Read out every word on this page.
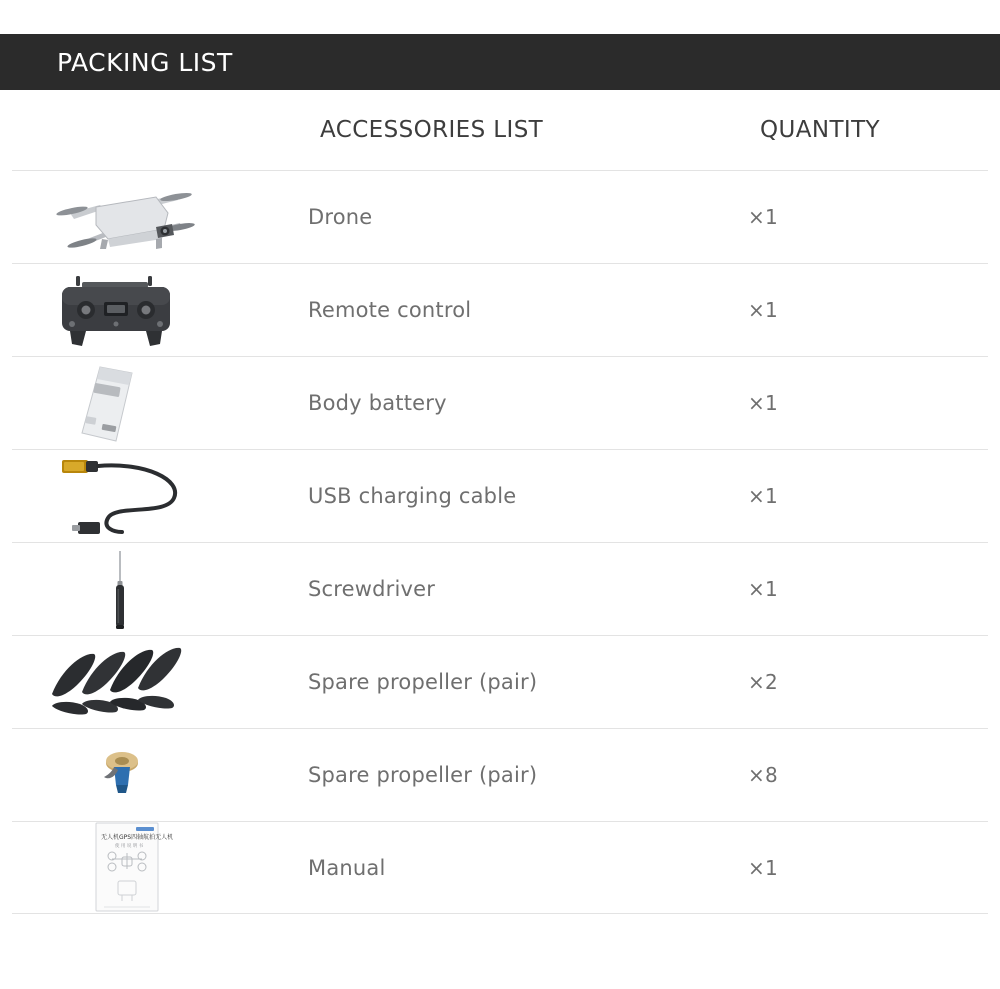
PACKING LIST
ACCESSORIES LIST	QUANTITY
Drone	×1
Remote control	×1
Body battery	×1
USB charging cable	×1
Screwdriver	×1
Spare propeller (pair)	×2
Spare propeller (pair)	×8
无人机GPS四轴航拍无人机
使 用 说 明 书
Manual	×1
